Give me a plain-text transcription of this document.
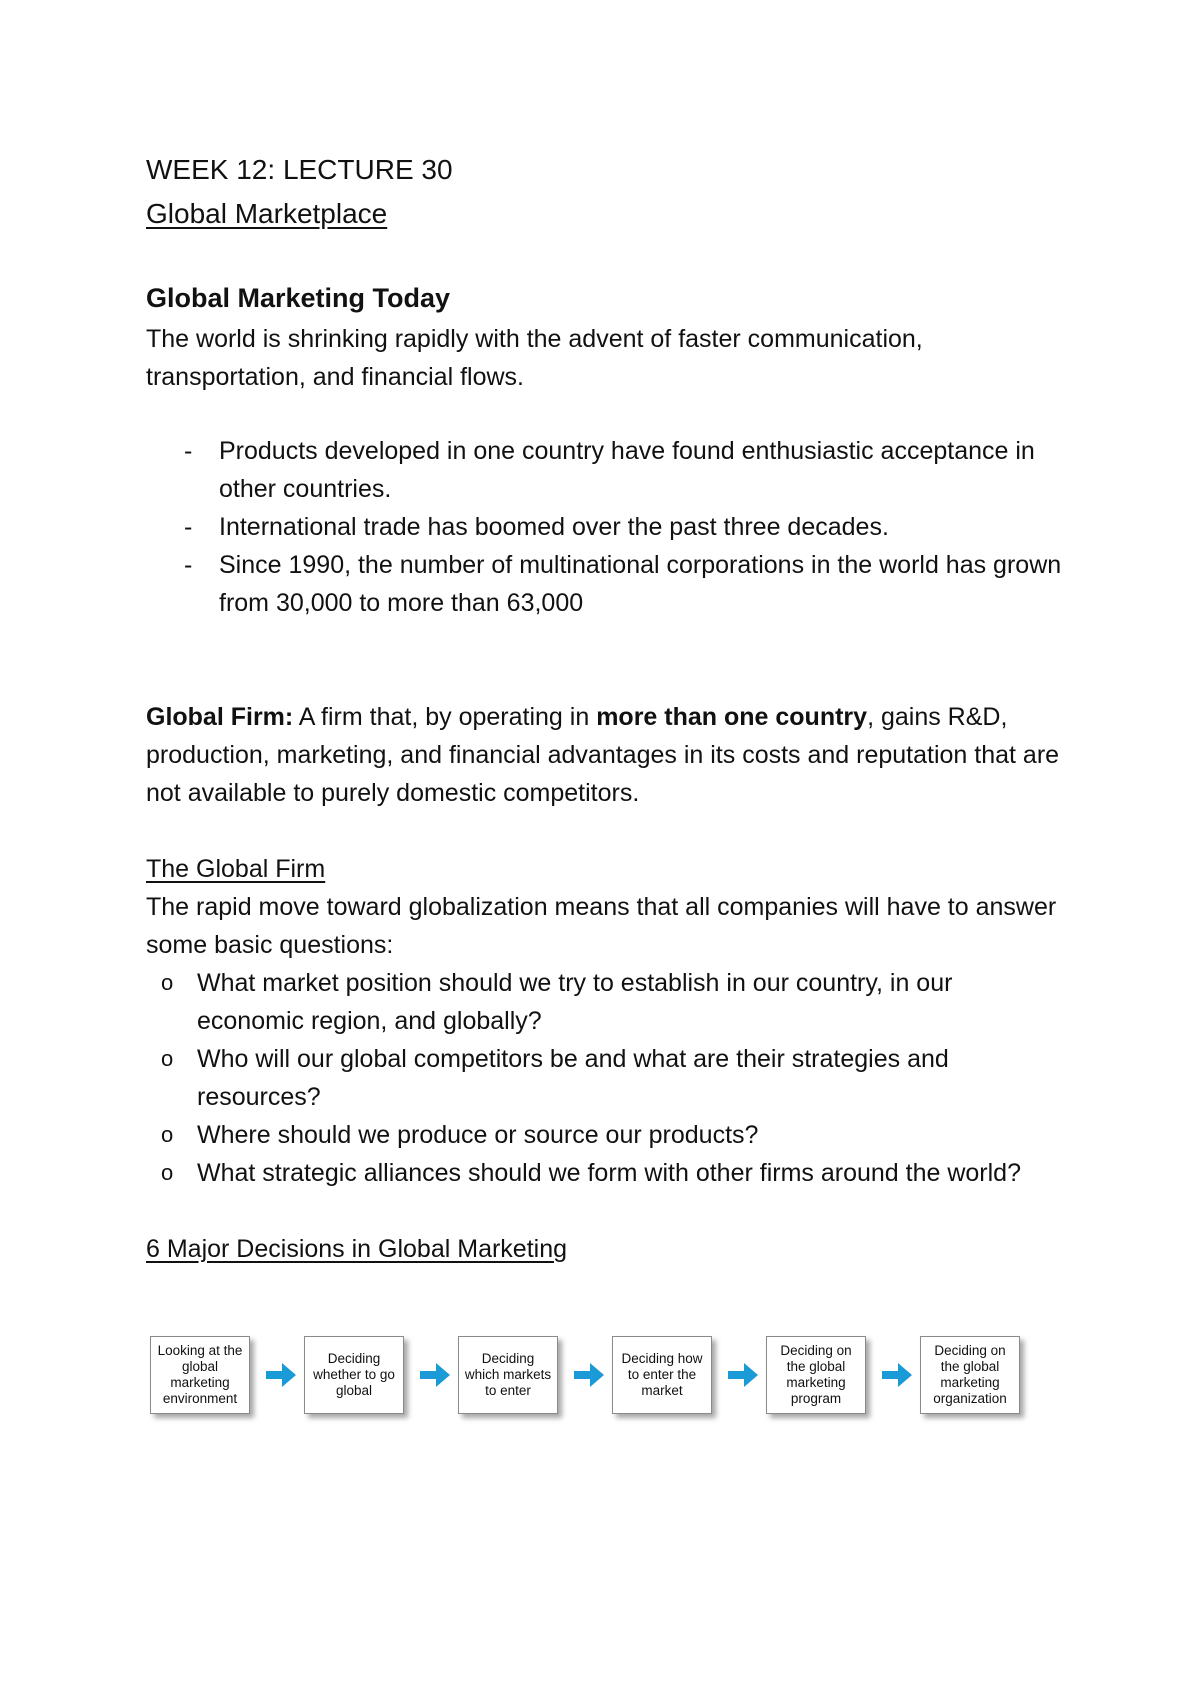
WEEK 12: LECTURE 30

Global Marketplace

Global Marketing Today

The world is shrinking rapidly with the advent of faster communication, transportation, and financial flows.

- Products developed in one country have found enthusiastic acceptance in other countries.
- International trade has boomed over the past three decades.
- Since 1990, the number of multinational corporations in the world has grown from 30,000 to more than 63,000

Global Firm: A firm that, by operating in more than one country, gains R&D, production, marketing, and financial advantages in its costs and reputation that are not available to purely domestic competitors.

The Global Firm

The rapid move toward globalization means that all companies will have to answer some basic questions:

o What market position should we try to establish in our country, in our economic region, and globally?
o Who will our global competitors be and what are their strategies and resources?
o Where should we produce or source our products?
o What strategic alliances should we form with other firms around the world?

6 Major Decisions in Global Marketing

Looking at the global marketing environment
Deciding whether to go global
Deciding which markets to enter
Deciding how to enter the market
Deciding on the global marketing program
Deciding on the global marketing organization
